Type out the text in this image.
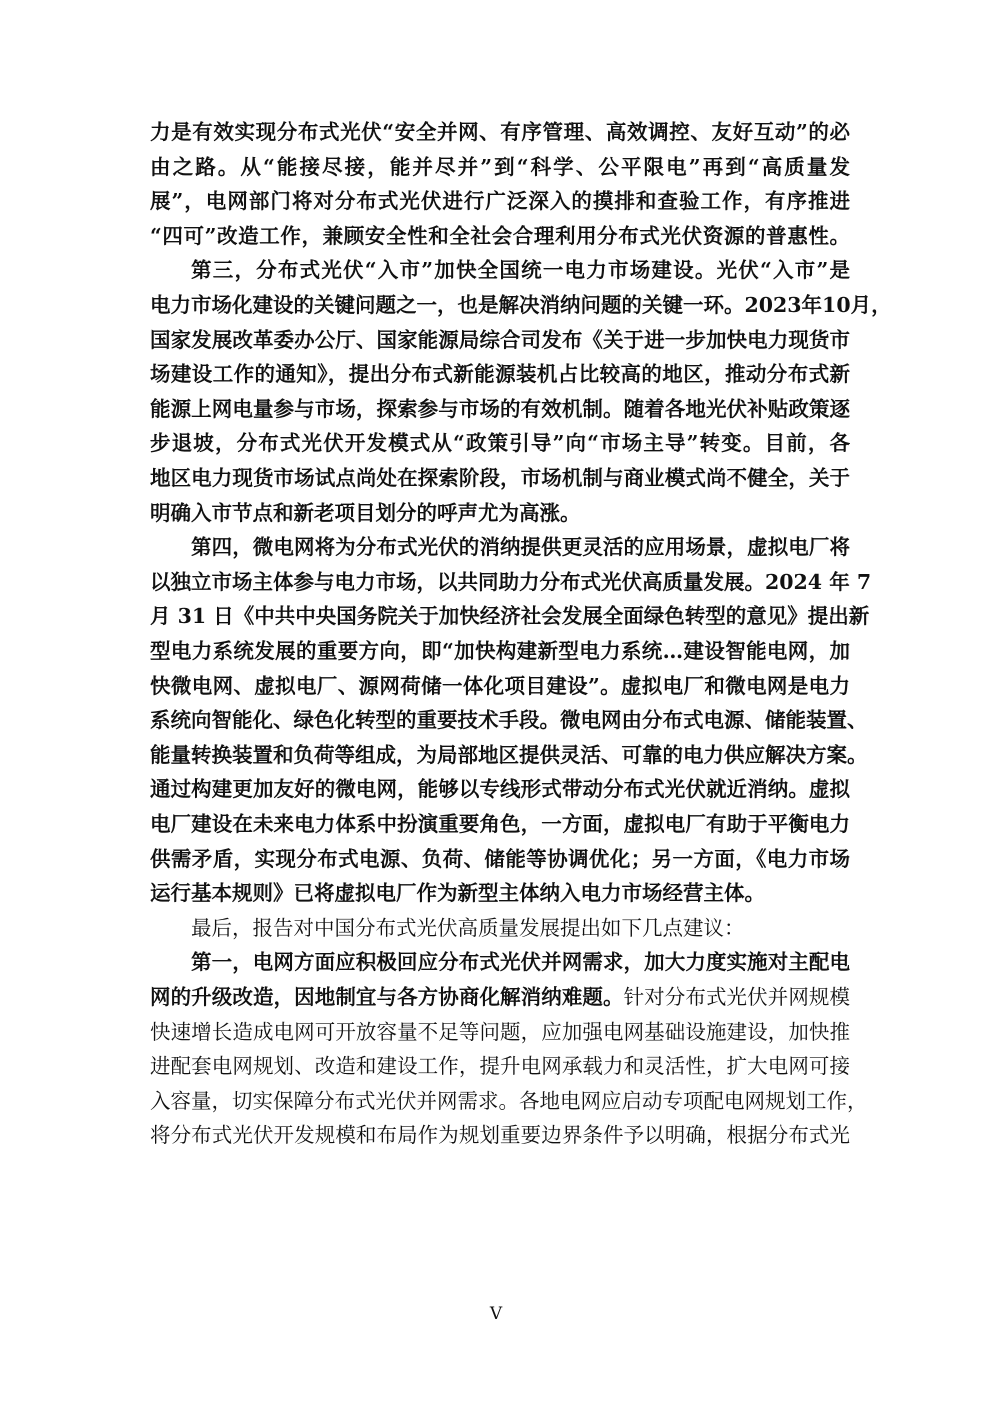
力是有效实现分布式光伏“安全并网、有序管理、高效调控、友好互动”的必
由之路。从“能接尽接，能并尽并”到“科学、公平限电”再到“高质量发
展”，电网部门将对分布式光伏进行广泛深入的摸排和查验工作，有序推进
“四可”改造工作，兼顾安全性和全社会合理利用分布式光伏资源的普惠性。
第三，分布式光伏“入市”加快全国统一电力市场建设。光伏“入市”是
电力市场化建设的关键问题之一，也是解决消纳问题的关键一环。2023年10月，
国家发展改革委办公厅、国家能源局综合司发布《关于进一步加快电力现货市
场建设工作的通知》，提出分布式新能源装机占比较高的地区，推动分布式新
能源上网电量参与市场，探索参与市场的有效机制。随着各地光伏补贴政策逐
步退坡，分布式光伏开发模式从“政策引导”向“市场主导”转变。目前，各
地区电力现货市场试点尚处在探索阶段，市场机制与商业模式尚不健全，关于
明确入市节点和新老项目划分的呼声尤为高涨。
第四，微电网将为分布式光伏的消纳提供更灵活的应用场景，虚拟电厂将
以独立市场主体参与电力市场，以共同助力分布式光伏高质量发展。2024 年 7
月 31 日《中共中央国务院关于加快经济社会发展全面绿色转型的意见》提出新
型电力系统发展的重要方向，即“加快构建新型电力系统…建设智能电网，加
快微电网、虚拟电厂、源网荷储一体化项目建设”。虚拟电厂和微电网是电力
系统向智能化、绿色化转型的重要技术手段。微电网由分布式电源、储能装置、
能量转换装置和负荷等组成，为局部地区提供灵活、可靠的电力供应解决方案。
通过构建更加友好的微电网，能够以专线形式带动分布式光伏就近消纳。虚拟
电厂建设在未来电力体系中扮演重要角色，一方面，虚拟电厂有助于平衡电力
供需矛盾，实现分布式电源、负荷、储能等协调优化；另一方面，《电力市场
运行基本规则》已将虚拟电厂作为新型主体纳入电力市场经营主体。
最后，报告对中国分布式光伏高质量发展提出如下几点建议：
第一，电网方面应积极回应分布式光伏并网需求，加大力度实施对主配电
网的升级改造，因地制宜与各方协商化解消纳难题。针对分布式光伏并网规模
快速增长造成电网可开放容量不足等问题，应加强电网基础设施建设，加快推
进配套电网规划、改造和建设工作，提升电网承载力和灵活性，扩大电网可接
入容量，切实保障分布式光伏并网需求。各地电网应启动专项配电网规划工作，
将分布式光伏开发规模和布局作为规划重要边界条件予以明确，根据分布式光
V
